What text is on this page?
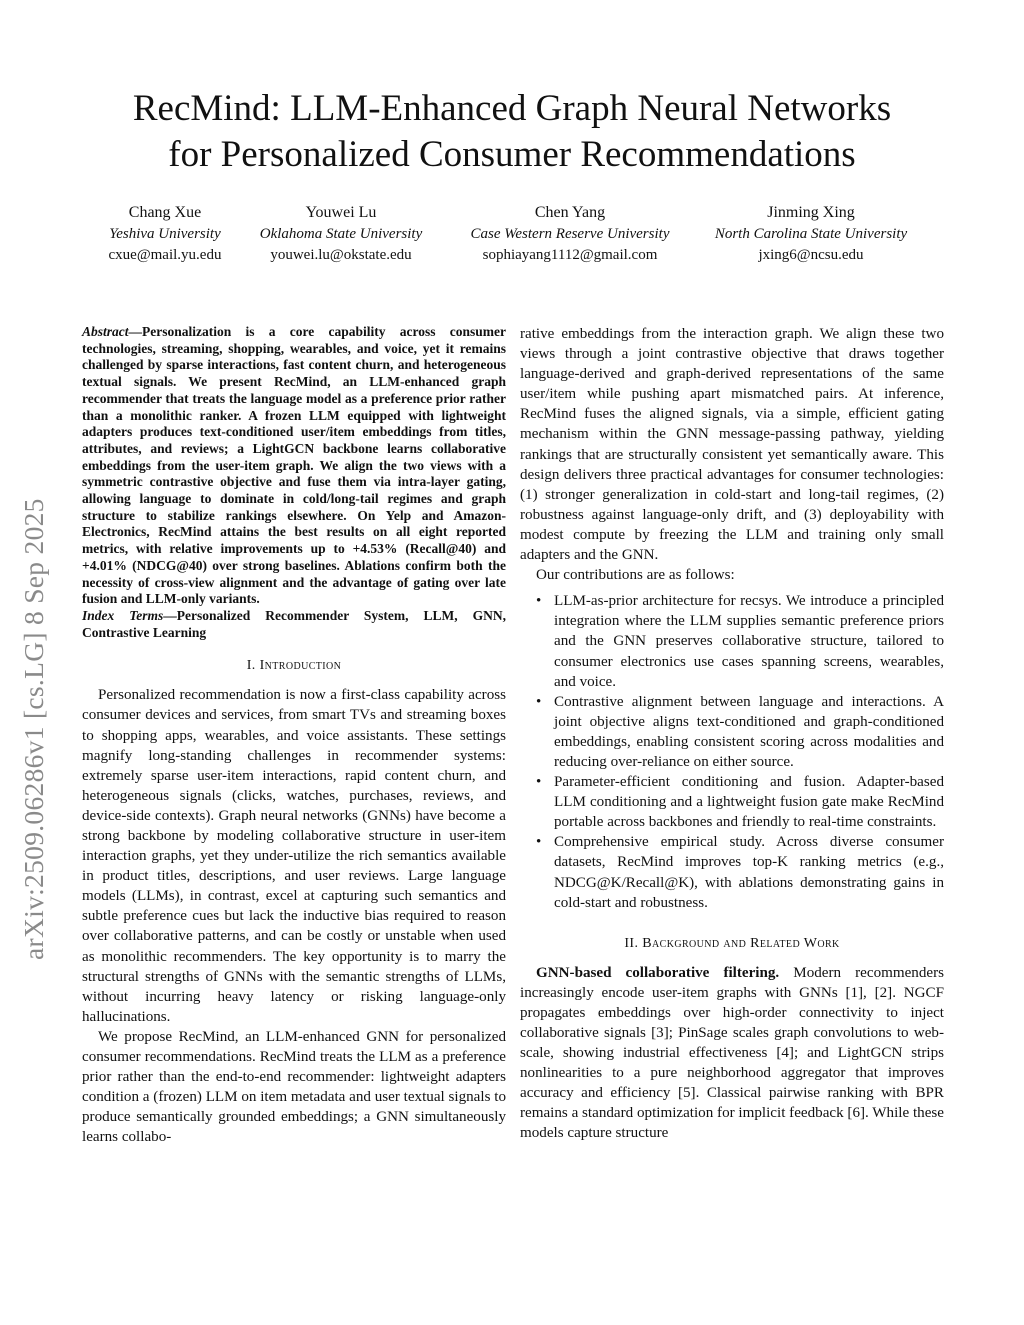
arXiv:2509.06286v1 [cs.LG] 8 Sep 2025
RecMind: LLM-Enhanced Graph Neural Networks
for Personalized Consumer Recommendations
Chang Xue
Yeshiva University
cxue@mail.yu.edu
Youwei Lu
Oklahoma State University
youwei.lu@okstate.edu
Chen Yang
Case Western Reserve University
sophiayang1112@gmail.com
Jinming Xing
North Carolina State University
jxing6@ncsu.edu

Abstract—Personalization is a core capability across consumer technologies, streaming, shopping, wearables, and voice, yet it remains challenged by sparse interactions, fast content churn, and heterogeneous textual signals. We present RecMind, an LLM-enhanced graph recommender that treats the language model as a preference prior rather than a monolithic ranker. A frozen LLM equipped with lightweight adapters produces text-conditioned user/item embeddings from titles, attributes, and reviews; a LightGCN backbone learns collaborative embeddings from the user-item graph. We align the two views with a symmetric contrastive objective and fuse them via intra-layer gating, allowing language to dominate in cold/long-tail regimes and graph structure to stabilize rankings elsewhere. On Yelp and Amazon-Electronics, RecMind attains the best results on all eight reported metrics, with relative improvements up to +4.53% (Recall@40) and +4.01% (NDCG@40) over strong baselines. Ablations confirm both the necessity of cross-view alignment and the advantage of gating over late fusion and LLM-only variants.

Index Terms—Personalized Recommender System, LLM, GNN, Contrastive Learning

I. Introduction

Personalized recommendation is now a first-class capability across consumer devices and services, from smart TVs and streaming boxes to shopping apps, wearables, and voice assistants. These settings magnify long-standing challenges in recommender systems: extremely sparse user-item interactions, rapid content churn, and heterogeneous signals (clicks, watches, purchases, reviews, and device-side contexts). Graph neural networks (GNNs) have become a strong backbone by modeling collaborative structure in user-item interaction graphs, yet they under-utilize the rich semantics available in product titles, descriptions, and user reviews. Large language models (LLMs), in contrast, excel at capturing such semantics and subtle preference cues but lack the inductive bias required to reason over collaborative patterns, and can be costly or unstable when used as monolithic recommenders. The key opportunity is to marry the structural strengths of GNNs with the semantic strengths of LLMs, without incurring heavy latency or risking language-only hallucinations.

We propose RecMind, an LLM-enhanced GNN for personalized consumer recommendations. RecMind treats the LLM as a preference prior rather than the end-to-end recommender: lightweight adapters condition a (frozen) LLM on item metadata and user textual signals to produce semantically grounded embeddings; a GNN simultaneously learns collabo-

rative embeddings from the interaction graph. We align these two views through a joint contrastive objective that draws together language-derived and graph-derived representations of the same user/item while pushing apart mismatched pairs. At inference, RecMind fuses the aligned signals, via a simple, efficient gating mechanism within the GNN message-passing pathway, yielding rankings that are structurally consistent yet semantically aware. This design delivers three practical advantages for consumer technologies: (1) stronger generalization in cold-start and long-tail regimes, (2) robustness against language-only drift, and (3) deployability with modest compute by freezing the LLM and training only small adapters and the GNN.

Our contributions are as follows:

• LLM-as-prior architecture for recsys. We introduce a principled integration where the LLM supplies semantic preference priors and the GNN preserves collaborative structure, tailored to consumer electronics use cases spanning screens, wearables, and voice.
• Contrastive alignment between language and interactions. A joint objective aligns text-conditioned and graph-conditioned embeddings, enabling consistent scoring across modalities and reducing over-reliance on either source.
• Parameter-efficient conditioning and fusion. Adapter-based LLM conditioning and a lightweight fusion gate make RecMind portable across backbones and friendly to real-time constraints.
• Comprehensive empirical study. Across diverse consumer datasets, RecMind improves top-K ranking metrics (e.g., NDCG@K/Recall@K), with ablations demonstrating gains in cold-start and robustness.
II. Background and Related Work

GNN-based collaborative filtering. Modern recommenders increasingly encode user-item graphs with GNNs [1], [2]. NGCF propagates embeddings over high-order connectivity to inject collaborative signals [3]; PinSage scales graph convolutions to web-scale, showing industrial effectiveness [4]; and LightGCN strips nonlinearities to a pure neighborhood aggregator that improves accuracy and efficiency [5]. Classical pairwise ranking with BPR remains a standard optimization for implicit feedback [6]. While these models capture structure
